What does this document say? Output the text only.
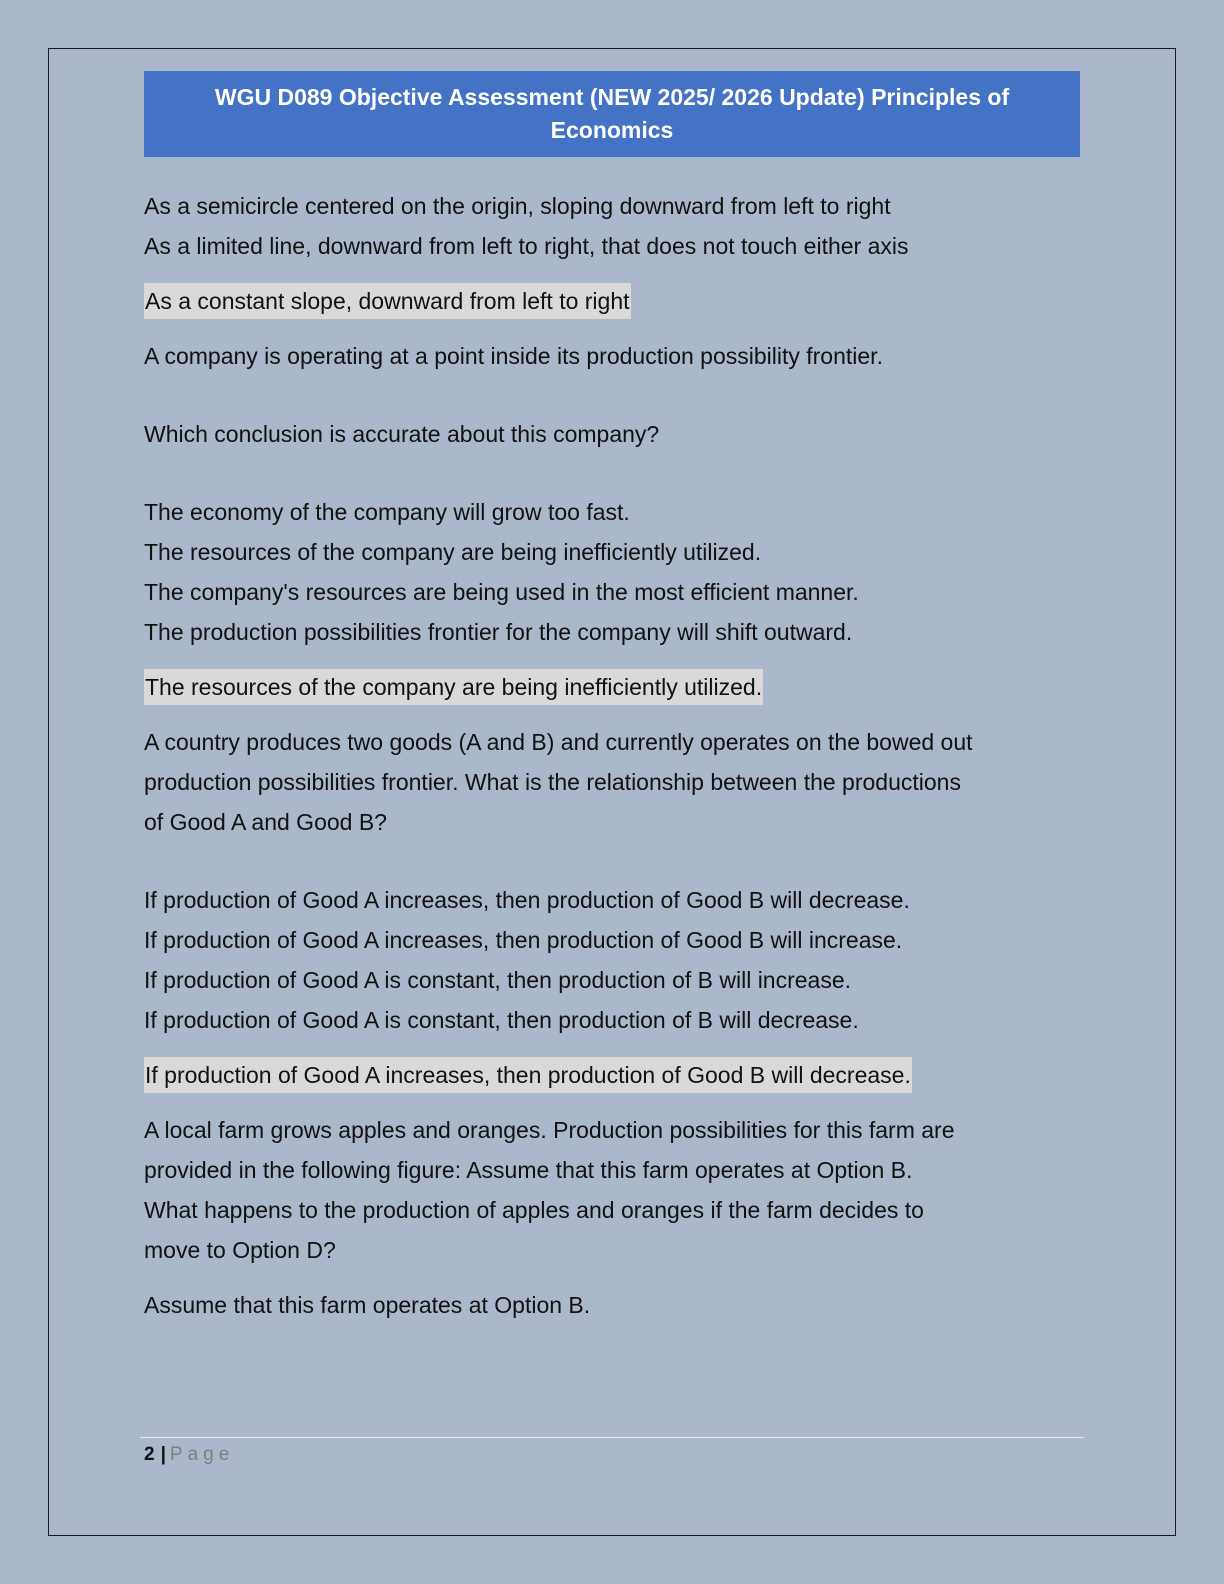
WGU D089 Objective Assessment (NEW 2025/ 2026 Update) Principles of Economics
As a semicircle centered on the origin, sloping downward from left to right
As a limited line, downward from left to right, that does not touch either axis
As a constant slope, downward from left to right
A company is operating at a point inside its production possibility frontier.
Which conclusion is accurate about this company?
The economy of the company will grow too fast.
The resources of the company are being inefficiently utilized.
The company's resources are being used in the most efficient manner.
The production possibilities frontier for the company will shift outward.
The resources of the company are being inefficiently utilized.
A country produces two goods (A and B) and currently operates on the bowed out
production possibilities frontier. What is the relationship between the productions
of Good A and Good B?
If production of Good A increases, then production of Good B will decrease.
If production of Good A increases, then production of Good B will increase.
If production of Good A is constant, then production of B will increase.
If production of Good A is constant, then production of B will decrease.
If production of Good A increases, then production of Good B will decrease.
A local farm grows apples and oranges. Production possibilities for this farm are
provided in the following figure: Assume that this farm operates at Option B.
What happens to the production of apples and oranges if the farm decides to
move to Option D?
Assume that this farm operates at Option B.
2 | Page
